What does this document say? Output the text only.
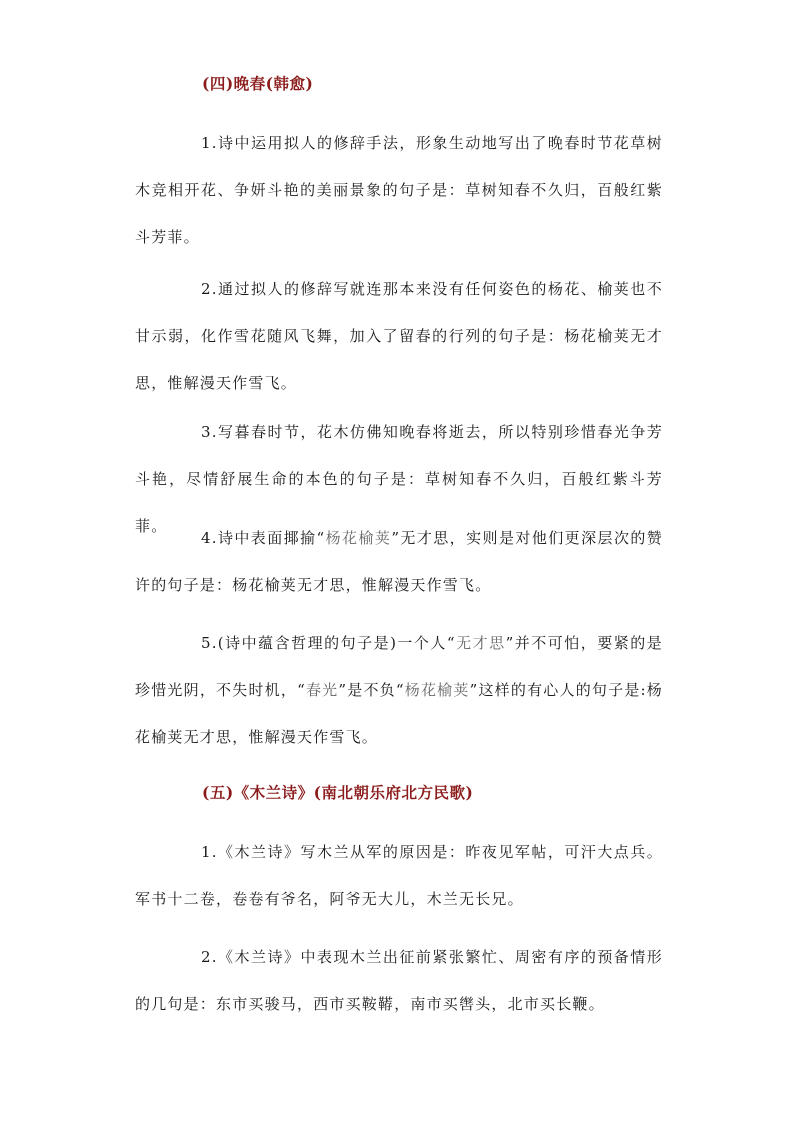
(四)晚春(韩愈)

1.诗中运用拟人的修辞手法，形象生动地写出了晚春时节花草树木竞相开花、争妍斗艳的美丽景象的句子是：草树知春不久归，百般红紫斗芳菲。

2.通过拟人的修辞写就连那本来没有任何姿色的杨花、榆荚也不甘示弱，化作雪花随风飞舞，加入了留春的行列的句子是：杨花榆荚无才思，惟解漫天作雪飞。

3.写暮春时节，花木仿佛知晚春将逝去，所以特别珍惜春光争芳斗艳，尽情舒展生命的本色的句子是：草树知春不久归，百般红紫斗芳菲。

4.诗中表面揶揄“杨花榆荚”无才思，实则是对他们更深层次的赞许的句子是：杨花榆荚无才思，惟解漫天作雪飞。

5.(诗中蕴含哲理的句子是)一个人“无才思”并不可怕，要紧的是珍惜光阴，不失时机，“春光”是不负“杨花榆荚”这样的有心人的句子是:杨花榆荚无才思，惟解漫天作雪飞。

(五)《木兰诗》(南北朝乐府北方民歌)

1.《木兰诗》写木兰从军的原因是：昨夜见军帖，可汗大点兵。军书十二卷，卷卷有爷名，阿爷无大儿，木兰无长兄。

2.《木兰诗》中表现木兰出征前紧张繁忙、周密有序的预备情形的几句是：东市买骏马，西市买鞍鞯，南市买辔头，北市买长鞭。
